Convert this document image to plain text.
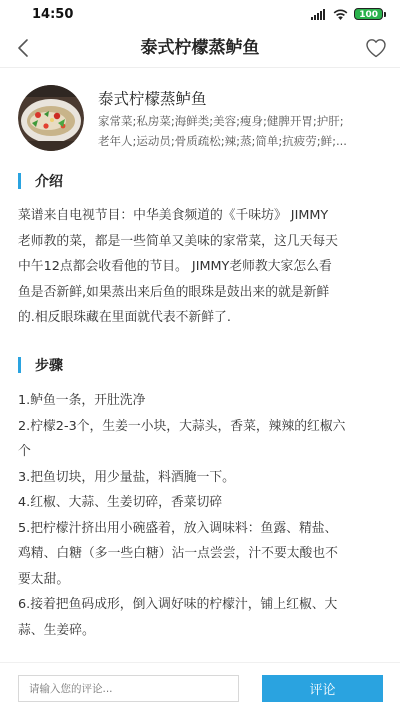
14:50	100
泰式柠檬蒸鲈鱼
泰式柠檬蒸鲈鱼
家常菜;私房菜;海鲜类;美容;瘦身;健脾开胃;护肝;
老年人;运动员;骨质疏松;辣;蒸;简单;抗疲劳;鲜;...
介绍
菜谱来自电视节目：中华美食频道的《千味坊》 JIMMY
老师教的菜，都是一些简单又美味的家常菜，这几天每天
中午12点都会收看他的节目。 JIMMY老师教大家怎么看
鱼是否新鲜,如果蒸出来后鱼的眼珠是鼓出来的就是新鲜
的.相反眼珠藏在里面就代表不新鲜了.
步骤
1.鲈鱼一条，开肚洗净
2.柠檬2-3个，生姜一小块，大蒜头，香菜，辣辣的红椒六
个
3.把鱼切块，用少量盐，料酒腌一下。
4.红椒、大蒜、生姜切碎，香菜切碎
5.把柠檬汁挤出用小碗盛着，放入调味料：鱼露、精盐、
鸡精、白糖（多一些白糖）沾一点尝尝，汁不要太酸也不
要太甜。
6.接着把鱼码成形，倒入调好味的柠檬汁，铺上红椒、大
蒜、生姜碎。
请输入您的评论...
评论
